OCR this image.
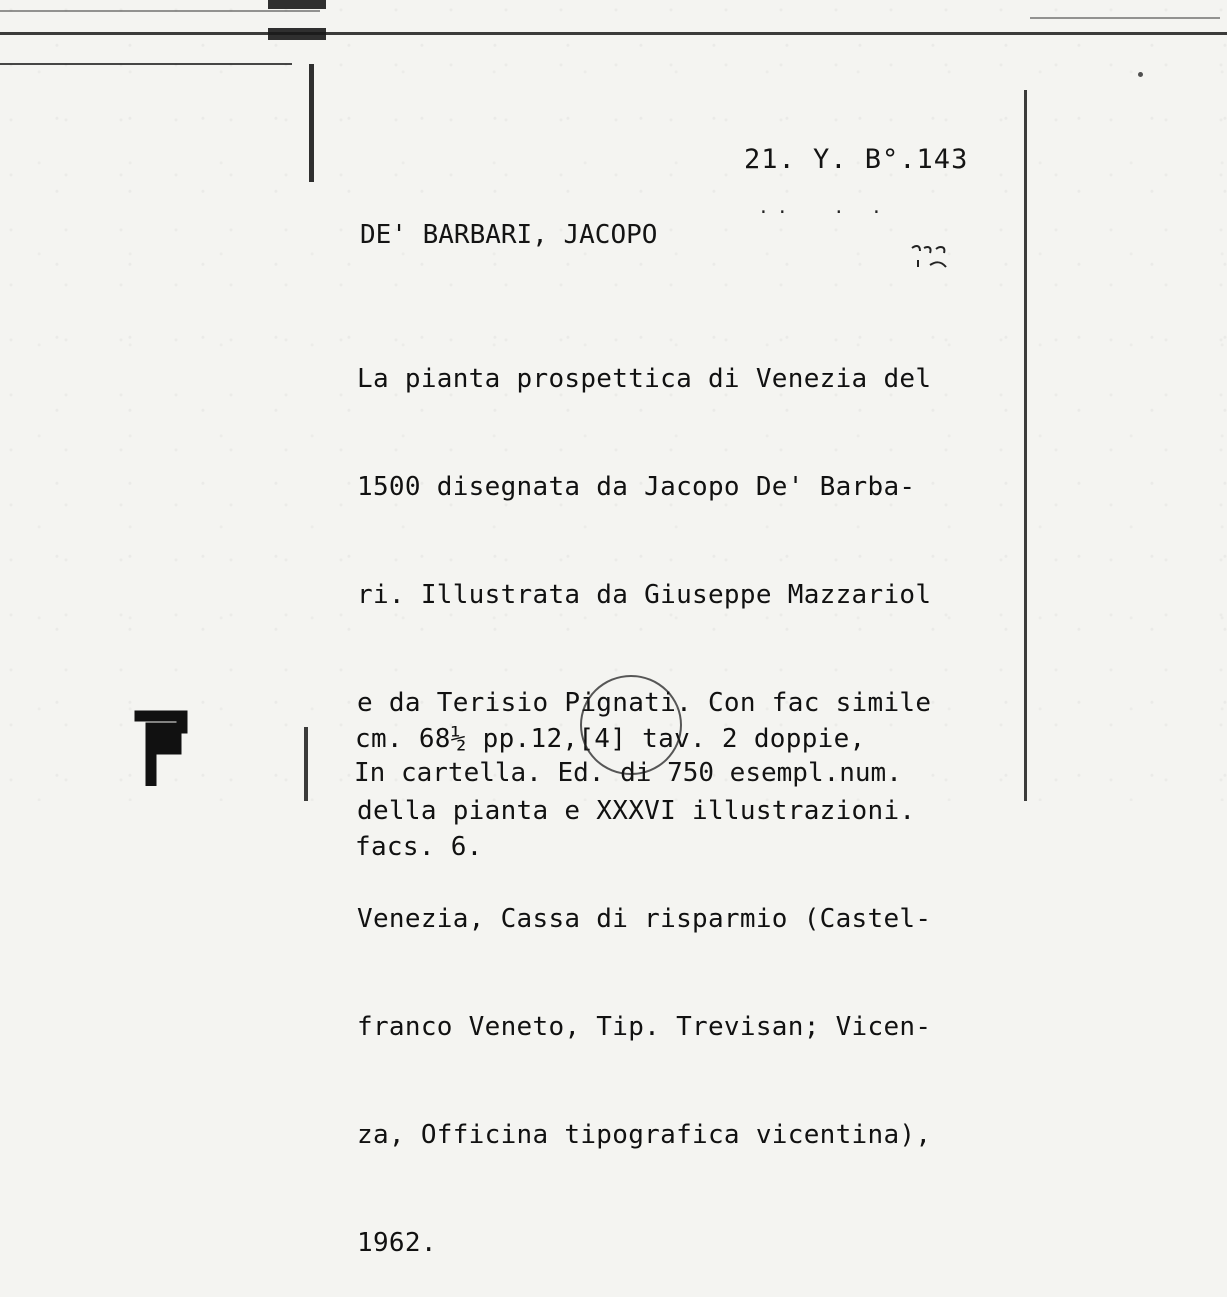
21. Y. B°.143
..  . .
DE' BARBARI, JACOPO

La pianta prospettica di Venezia del

1500 disegnata da Jacopo De' Barba-

ri. Illustrata da Giuseppe Mazzariol

e da Terisio Pignati. Con fac simile

della pianta e XXXVI illustrazioni.

Venezia, Cassa di risparmio (Castel-

franco Veneto, Tip. Trevisan; Vicen-

za, Officina tipografica vicentina),

1962.

cm. 68½ pp.12,[4] tav. 2 doppie,

facs. 6.

In cartella. Ed. di 750 esempl.num.
